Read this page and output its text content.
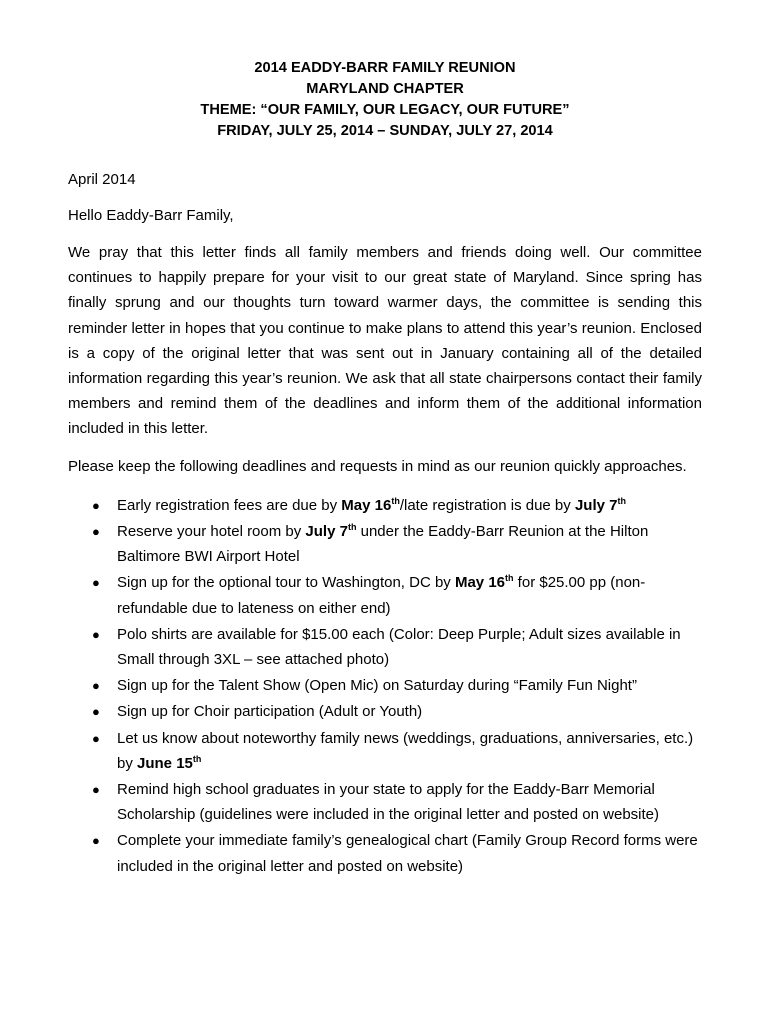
2014 EADDY-BARR FAMILY REUNION
MARYLAND CHAPTER
THEME: “OUR FAMILY, OUR LEGACY, OUR FUTURE”
FRIDAY, JULY 25, 2014 – SUNDAY, JULY 27, 2014
April 2014
Hello Eaddy-Barr Family,
We pray that this letter finds all family members and friends doing well. Our committee continues to happily prepare for your visit to our great state of Maryland. Since spring has finally sprung and our thoughts turn toward warmer days, the committee is sending this reminder letter in hopes that you continue to make plans to attend this year’s reunion. Enclosed is a copy of the original letter that was sent out in January containing all of the detailed information regarding this year’s reunion. We ask that all state chairpersons contact their family members and remind them of the deadlines and inform them of the additional information included in this letter.
Please keep the following deadlines and requests in mind as our reunion quickly approaches.
● Early registration fees are due by May 16th/late registration is due by July 7th
● Reserve your hotel room by July 7th under the Eaddy-Barr Reunion at the Hilton Baltimore BWI Airport Hotel
● Sign up for the optional tour to Washington, DC by May 16th for $25.00 pp (non-refundable due to lateness on either end)
● Polo shirts are available for $15.00 each (Color: Deep Purple; Adult sizes available in Small through 3XL – see attached photo)
● Sign up for the Talent Show (Open Mic) on Saturday during “Family Fun Night”
● Sign up for Choir participation (Adult or Youth)
● Let us know about noteworthy family news (weddings, graduations, anniversaries, etc.) by June 15th
● Remind high school graduates in your state to apply for the Eaddy-Barr Memorial Scholarship (guidelines were included in the original letter and posted on website)
● Complete your immediate family’s genealogical chart (Family Group Record forms were included in the original letter and posted on website)
